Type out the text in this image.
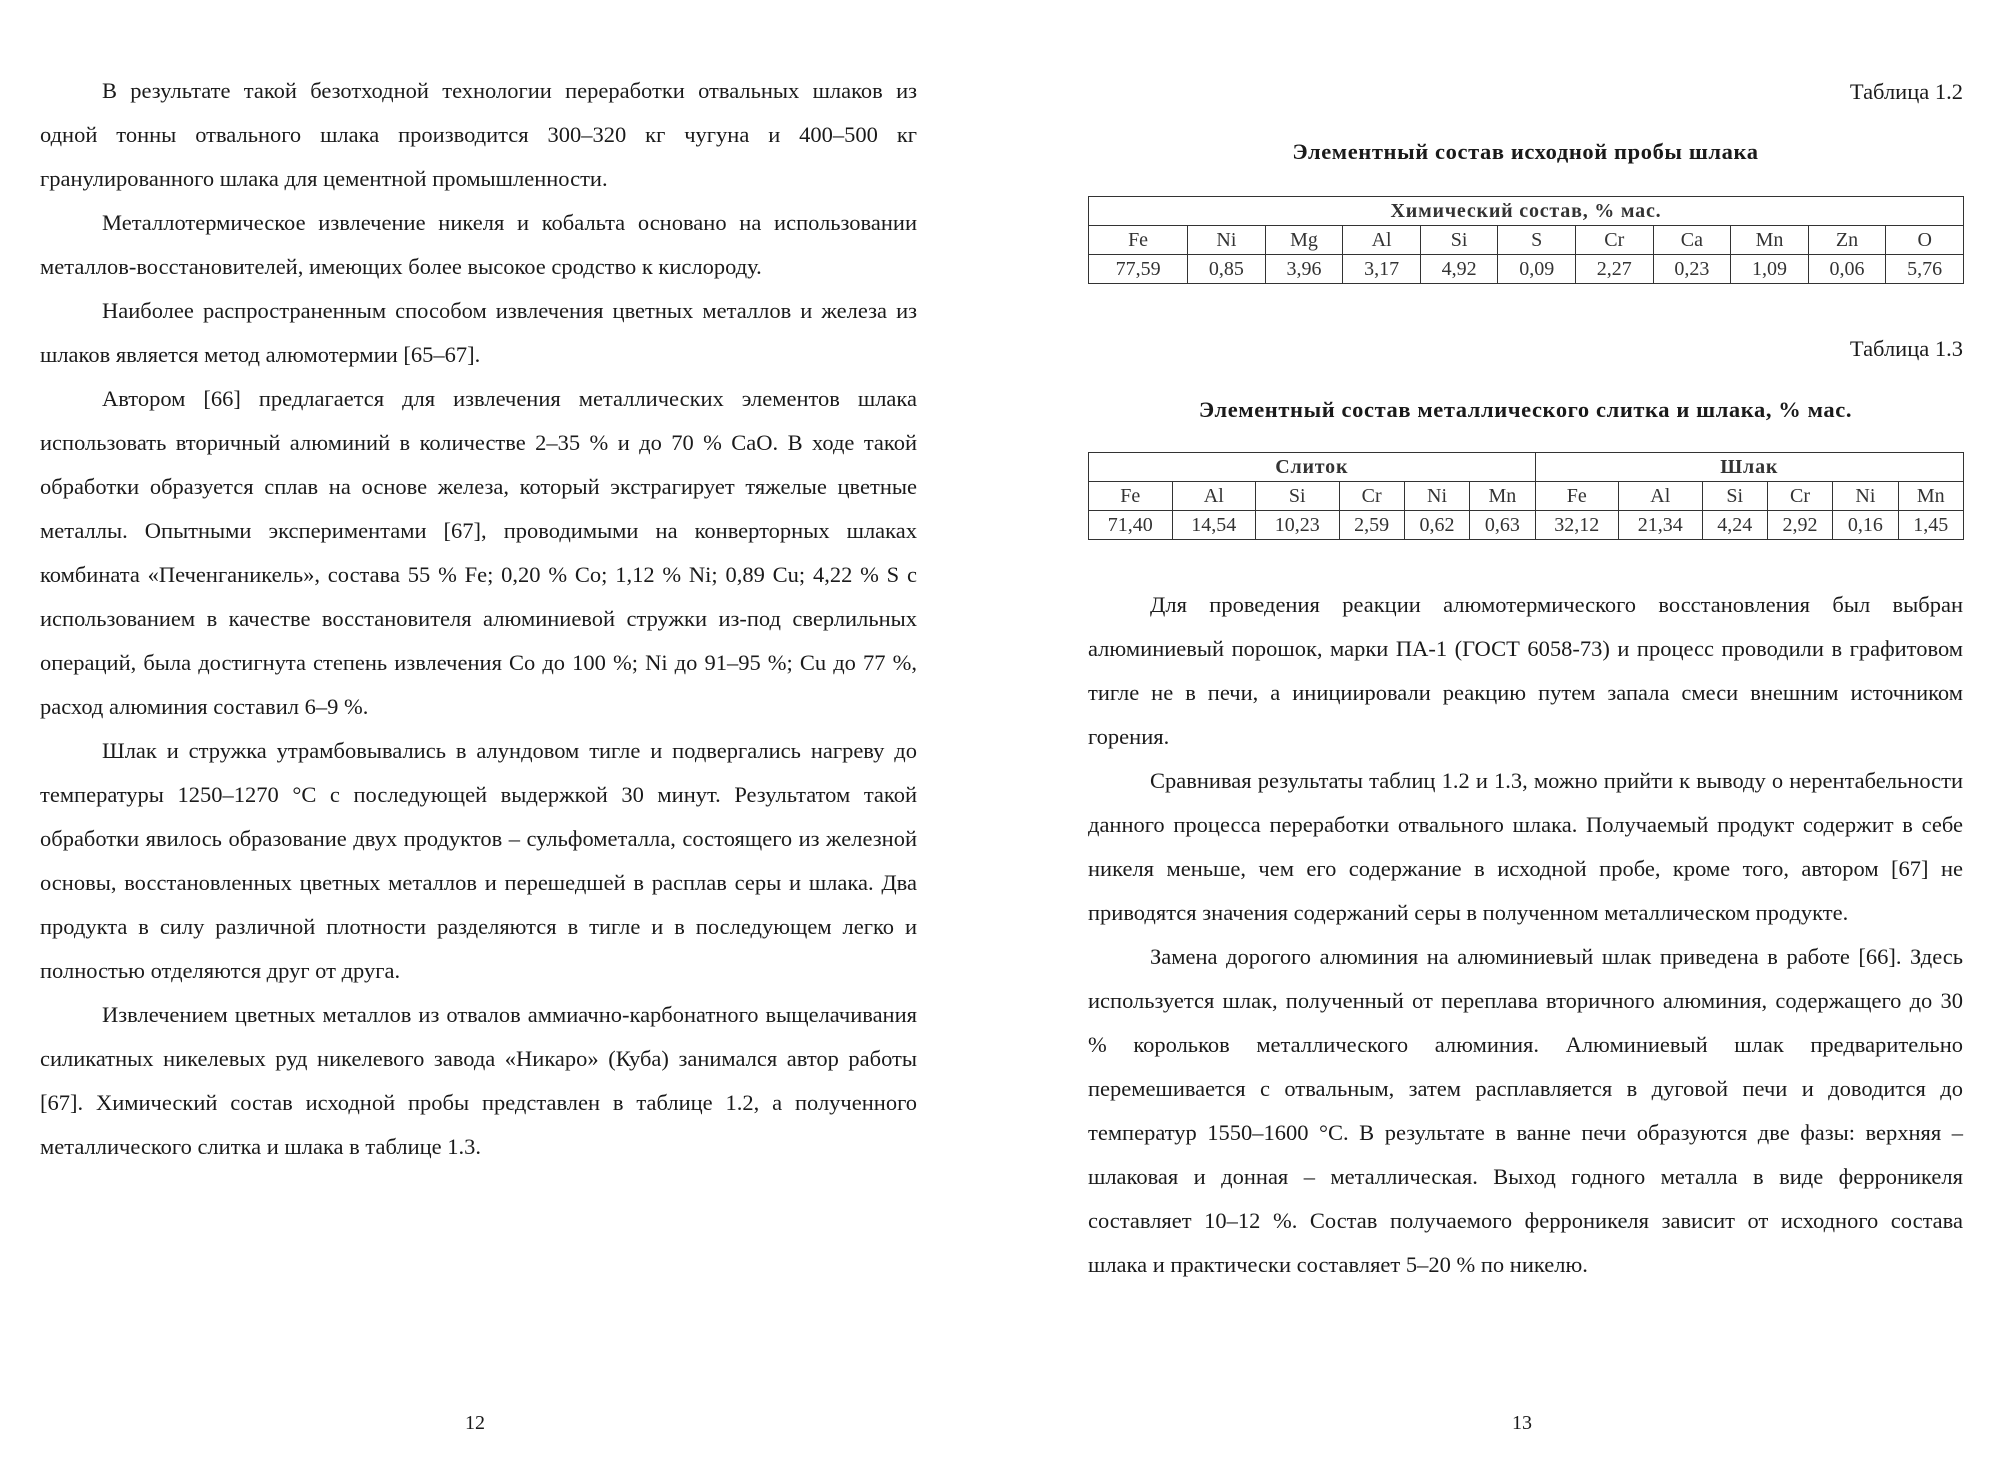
В результате такой безотходной технологии переработки отвальных шлаков из одной тонны отвального шлака производится 300–320 кг чугуна и 400–500 кг гранулированного шлака для цементной промышленности.

Металлотермическое извлечение никеля и кобальта основано на использовании металлов-восстановителей, имеющих более высокое сродство к кислороду.

Наиболее распространенным способом извлечения цветных металлов и железа из шлаков является метод алюмотермии [65–67].

Автором [66] предлагается для извлечения металлических элементов шлака использовать вторичный алюминий в количестве 2–35 % и до 70 % CaO. В ходе такой обработки образуется сплав на основе железа, который экстрагирует тяжелые цветные металлы. Опытными экспериментами [67], проводимыми на конверторных шлаках комбината «Печенганикель», состава 55 % Fe; 0,20 % Co; 1,12 % Ni; 0,89 Cu; 4,22 % S с использованием в качестве восстановителя алюминиевой стружки из-под сверлильных операций, была достигнута степень извлечения Co до 100 %; Ni до 91–95 %; Cu до 77 %, расход алюминия составил 6–9 %.

Шлак и стружка утрамбовывались в алундовом тигле и подвергались нагреву до температуры 1250–1270 °С с последующей выдержкой 30 минут. Результатом такой обработки явилось образование двух продуктов – сульфометалла, состоящего из железной основы, восстановленных цветных металлов и перешедшей в расплав серы и шлака. Два продукта в силу различной плотности разделяются в тигле и в последующем легко и полностью отделяются друг от друга.

Извлечением цветных металлов из отвалов аммиачно-карбонатного выщелачивания силикатных никелевых руд никелевого завода «Никаро» (Куба) занимался автор работы [67]. Химический состав исходной пробы представлен в таблице 1.2, а полученного металлического слитка и шлака в таблице 1.3.

12
Таблица 1.2
Элементный состав исходной пробы шлака
Химический состав, % мас.										
Fe	Ni	Mg	Al	Si	S	Cr	Ca	Mn	Zn	O
77,59	0,85	3,96	3,17	4,92	0,09	2,27	0,23	1,09	0,06	5,76
Таблица 1.3
Элементный состав металлического слитка и шлака, % мас.
Слиток						Шлак					
Fe	Al	Si	Cr	Ni	Mn	Fe	Al	Si	Cr	Ni	Mn
71,40	14,54	10,23	2,59	0,62	0,63	32,12	21,34	4,24	2,92	0,16	1,45

Для проведения реакции алюмотермического восстановления был выбран алюминиевый порошок, марки ПА-1 (ГОСТ 6058-73) и процесс проводили в графитовом тигле не в печи, а инициировали реакцию путем запала смеси внешним источником горения.

Сравнивая результаты таблиц 1.2 и 1.3, можно прийти к выводу о нерентабельности данного процесса переработки отвального шлака. Получаемый продукт содержит в себе никеля меньше, чем его содержание в исходной пробе, кроме того, автором [67] не приводятся значения содержаний серы в полученном металлическом продукте.

Замена дорогого алюминия на алюминиевый шлак приведена в работе [66]. Здесь используется шлак, полученный от переплава вторичного алюминия, содержащего до 30 % корольков металлического алюминия. Алюминиевый шлак предварительно перемешивается с отвальным, затем расплавляется в дуговой печи и доводится до температур 1550–1600 °С. В результате в ванне печи образуются две фазы: верхняя – шлаковая и донная – металлическая. Выход годного металла в виде ферроникеля составляет 10–12 %. Состав получаемого ферроникеля зависит от исходного состава шлака и практически составляет 5–20 % по никелю.

13
